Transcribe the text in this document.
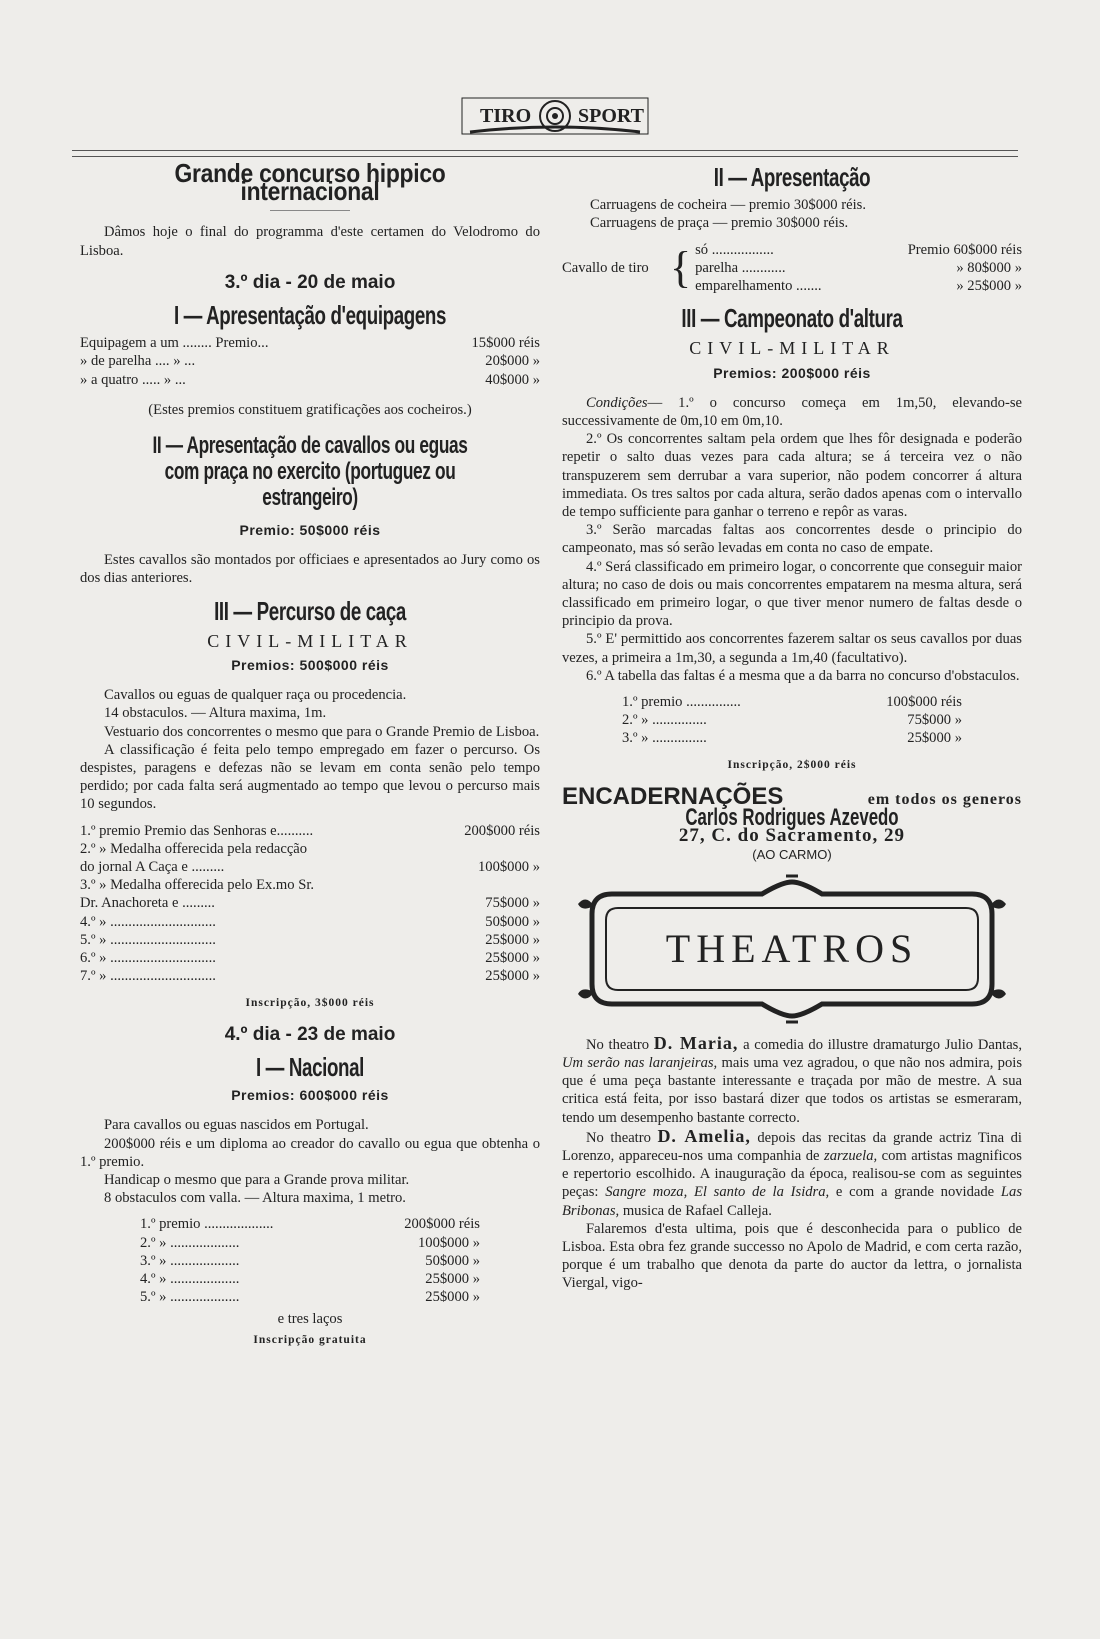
TIRO SPORT
Grande concurso hippico internacional

Dâmos hoje o final do programma d'este certamen do Velodromo do Lisboa.

3.º dia - 20 de maio
I — Apresentação d'equipagens
Equipagem a um ........ Premio...	15$000 réis
» de parelha .... » ...	20$000 »
» a quatro ..... » ...	40$000 »
(Estes premios constituem gratificações aos cocheiros.)
II — Apresentação de cavallos ou eguas com praça no exercito (portuguez ou estrangeiro)
Premio: 50$000 réis

Estes cavallos são montados por officiaes e apresentados ao Jury como os dos dias anteriores.

III — Percurso de caça
CIVIL-MILITAR
Premios: 500$000 réis

Cavallos ou eguas de qualquer raça ou procedencia.

14 obstaculos. — Altura maxima, 1m.

Vestuario dos concorrentes o mesmo que para o Grande Premio de Lisboa.

A classificação é feita pelo tempo empregado em fazer o percurso. Os despistes, paragens e defezas não se levam em conta senão pelo tempo perdido; por cada falta será augmentado ao tempo que levou o percurso mais 10 segundos.

1.º premio Premio das Senhoras e..........	200$000 réis
2.º » Medalha offerecida pela redacção
do jornal A Caça e .........	100$000 »
3.º » Medalha offerecida pelo Ex.mo Sr.
Dr. Anachoreta e .........	75$000 »
4.º » .............................	50$000 »
5.º » .............................	25$000 »
6.º » .............................	25$000 »
7.º » .............................	25$000 »
Inscripção, 3$000 réis
4.º dia - 23 de maio
I — Nacional
Premios: 600$000 réis

Para cavallos ou eguas nascidos em Portugal.

200$000 réis e um diploma ao creador do cavallo ou egua que obtenha o 1.º premio.

Handicap o mesmo que para a Grande prova militar.

8 obstaculos com valla. — Altura maxima, 1 metro.

1.º premio ...................	200$000 réis
2.º » ...................	100$000 »
3.º » ...................	50$000 »
4.º » ...................	25$000 »
5.º » ...................	25$000 »
e tres laços
Inscripção gratuita
II — Apresentação

Carruagens de cocheira — premio 30$000 réis.

Carruagens de praça — premio 30$000 réis.

Cavallo de tiro { só .................	Premio 60$000 réis
parelha ............	» 80$000 »
emparelhamento .......	» 25$000 »
III — Campeonato d'altura
CIVIL-MILITAR
Premios: 200$000 réis

Condições— 1.º o concurso começa em 1m,50, elevando-se successivamente de 0m,10 em 0m,10.

2.º Os concorrentes saltam pela ordem que lhes fôr designada e poderão repetir o salto duas vezes para cada altura; se á terceira vez o não transpuzerem sem derrubar a vara superior, não podem concorrer á altura immediata. Os tres saltos por cada altura, serão dados apenas com o intervallo de tempo sufficiente para ganhar o terreno e repôr as varas.

3.º Serão marcadas faltas aos concorrentes desde o principio do campeonato, mas só serão levadas em conta no caso de empate.

4.º Será classificado em primeiro logar, o concorrente que conseguir maior altura; no caso de dois ou mais concorrentes empatarem na mesma altura, será classificado em primeiro logar, o que tiver menor numero de faltas desde o principio da prova.

5.º E' permittido aos concorrentes fazerem saltar os seus cavallos por duas vezes, a primeira a 1m,30, a segunda a 1m,40 (facultativo).

6.º A tabella das faltas é a mesma que a da barra no concurso d'obstaculos.

1.º premio ...............	100$000 réis
2.º » ...............	75$000 »
3.º » ...............	25$000 »
Inscripção, 2$000 réis
ENCADERNAÇÕES	em todos os generos
Carlos Rodrigues Azevedo
27, C. do Sacramento, 29
(AO CARMO)
THEATROS

No theatro D. Maria, a comedia do illustre dramaturgo Julio Dantas, Um serão nas laranjeiras, mais uma vez agradou, o que não nos admira, pois que é uma peça bastante interessante e traçada por mão de mestre. A sua critica está feita, por isso bastará dizer que todos os artistas se esmeraram, tendo um desempenho bastante correcto.

No theatro D. Amelia, depois das recitas da grande actriz Tina di Lorenzo, appareceu-nos uma companhia de zarzuela, com artistas magnificos e repertorio escolhido. A inauguração da época, realisou-se com as seguintes peças: Sangre moza, El santo de la Isidra, e com a grande novidade Las Bribonas, musica de Rafael Calleja.

Falaremos d'esta ultima, pois que é desconhecida para o publico de Lisboa. Esta obra fez grande successo no Apolo de Madrid, e com certa razão, porque é um trabalho que denota da parte do auctor da lettra, o jornalista Viergal, vigo-
